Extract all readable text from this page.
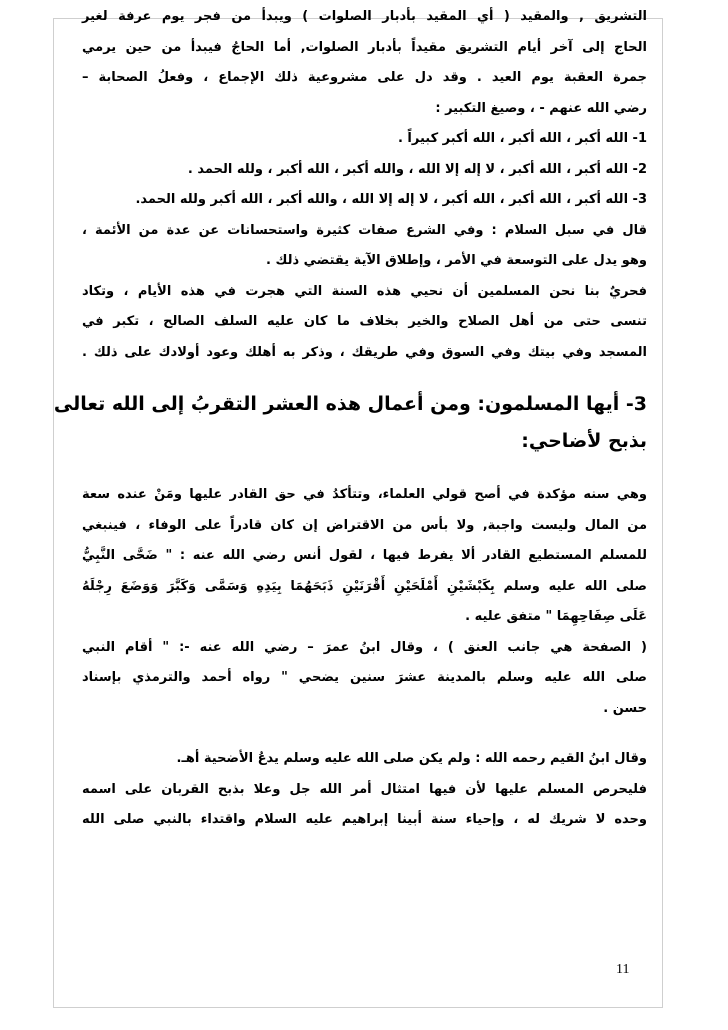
التشريق , والمقيد ( أي المقيد بأدبار الصلوات ) ويبدأ من فجر يوم عرفة لغير
الحاج إلى آخر أيام التشريق مقيداً بأدبار الصلوات, أما الحاجُ فيبدأ من حين يرمي
جمرة العقبة يوم العيد . وقد دل على مشروعية ذلك الإجماع ، وفعلُ الصحابة –
رضي الله عنهم - ، وصيغ التكبير :
1- الله أكبر ، الله أكبر ، الله أكبر كبيراً .
2- الله أكبر ، الله أكبر ، لا إله إلا الله ، والله أكبر ، الله أكبر ، ولله الحمد .
3- الله أكبر ، الله أكبر ، الله أكبر ، لا إله إلا الله ، والله أكبر ، الله أكبر ولله الحمد.
قال في سبل السلام : وفي الشرع صفات كثيرة واستحسانات عن عدة من الأئمة ،
وهو يدل على التوسعة في الأمر ، وإطلاق الآية يقتضي ذلك .
فحريٌ بنا نحن المسلمين أن نحيي هذه السنة التي هجرت في هذه الأيام ، وتكاد
تنسى حتى من أهل الصلاح والخير بخلاف ما كان عليه السلف الصالح ، تكبر في
المسجد وفي بيتك وفي السوق وفي طريقك ، وذكر به أهلك وعود أولادك على ذلك .
3- أيها المسلمون: ومن أعمال هذه العشر التقربُ إلى الله تعالى
بذبح لأضاحي:
وهي سنه مؤكدة في أصح قولي العلماء، وتتأكدُ في حق القادر عليها ومَنْ عنده سعة
من المال وليست واجبة, ولا بأس من الاقتراض إن كان قادراً على الوفاء ، فينبغي
للمسلم المستطيع القادر ألا يفرط فيها ، لقول أنس رضي الله عنه : " ضَحَّى النَّبِيُّ
صلى الله عليه وسلم بِكَبْشَيْنِ أَمْلَحَيْنِ أَقْرَنَيْنِ ذَبَحَهُمَا بِيَدِهِ وَسَمَّى وَكَبَّرَ وَوَضَعَ رِجْلَهُ
عَلَى صِفَاحِهِمَا " متفق عليه .
( الصفحة هي جانب العنق ) ، وقال ابنُ عمرَ – رضي الله عنه -: " أقام النبي
صلى الله عليه وسلم بالمدينة عشرَ سنين يضحي " رواه أحمد والترمذي بإسناد
حسن .
وقال ابنُ القيم رحمه الله : ولم يكن صلى الله عليه وسلم يدعُ الأضحية أهـ.
فليحرص المسلم عليها لأن فيها امتثال أمر الله جل وعلا بذبح القربان على اسمه
وحده لا شريك له ، وإحياء سنة أبينا إبراهيم عليه السلام واقتداء بالنبي صلى الله
11
